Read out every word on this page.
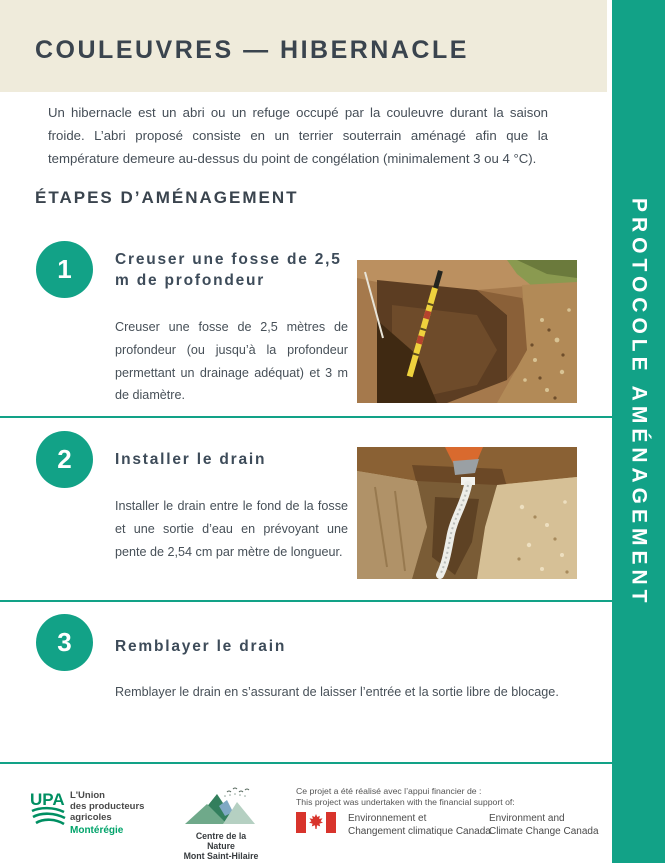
COULEUVRES — HIBERNACLE
PROTOCOLE AMÉNAGEMENT
Un hibernacle est un abri ou un refuge occupé par la couleuvre durant la saison froide. L’abri proposé consiste en un terrier souterrain aménagé afin que la température demeure au-dessus du point de congélation (minimalement 3 ou 4 °C).
ÉTAPES D’AMÉNAGEMENT
1	Creuser une fosse de 2,5 m de profondeur
Creuser une fosse de 2,5 mètres de profondeur (ou jusqu’à la profondeur permettant un drainage adéquat) et 3 m de diamètre.
2	Installer le drain
Installer le drain entre le fond de la fosse et une sortie d’eau en prévoyant une pente de 2,54 cm par mètre de longueur.
3	Remblayer le drain
Remblayer le drain en s’assurant de laisser l’entrée et la sortie libre de blocage.
UPA L'Union
des producteurs
agricoles
Montérégie	Centre de la Nature
Mont Saint-Hilaire
Ce projet a été réalisé avec l’appui financier de :
This project was undertaken with the financial support of:
Environnement et
Changement climatique Canada
Environment and
Climate Change Canada
